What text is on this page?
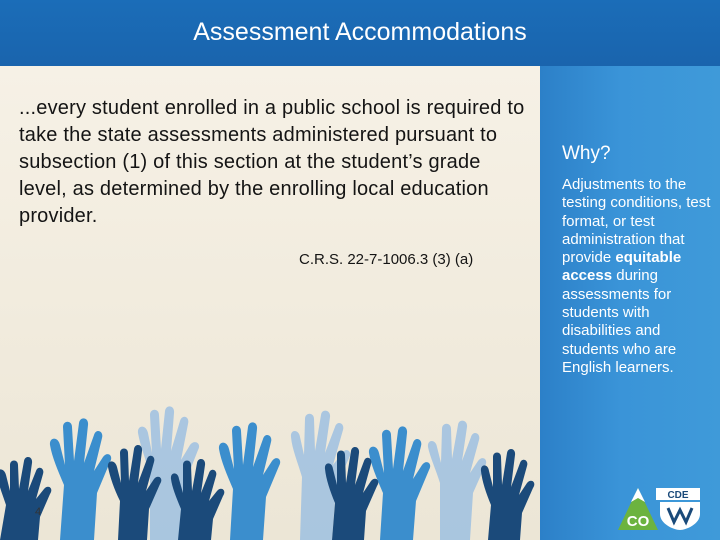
Assessment Accommodations
...every student enrolled in a public school is required to take the state assessments administered pursuant to subsection (1) of this section at the student’s grade level, as determined by the enrolling local education provider.
C.R.S. 22-7-1006.3 (3) (a)
Why?
Adjustments to the testing conditions, test format, or test administration that provide equitable access during assessments for students with disabilities and students who are English learners.
4
CO
CDE
